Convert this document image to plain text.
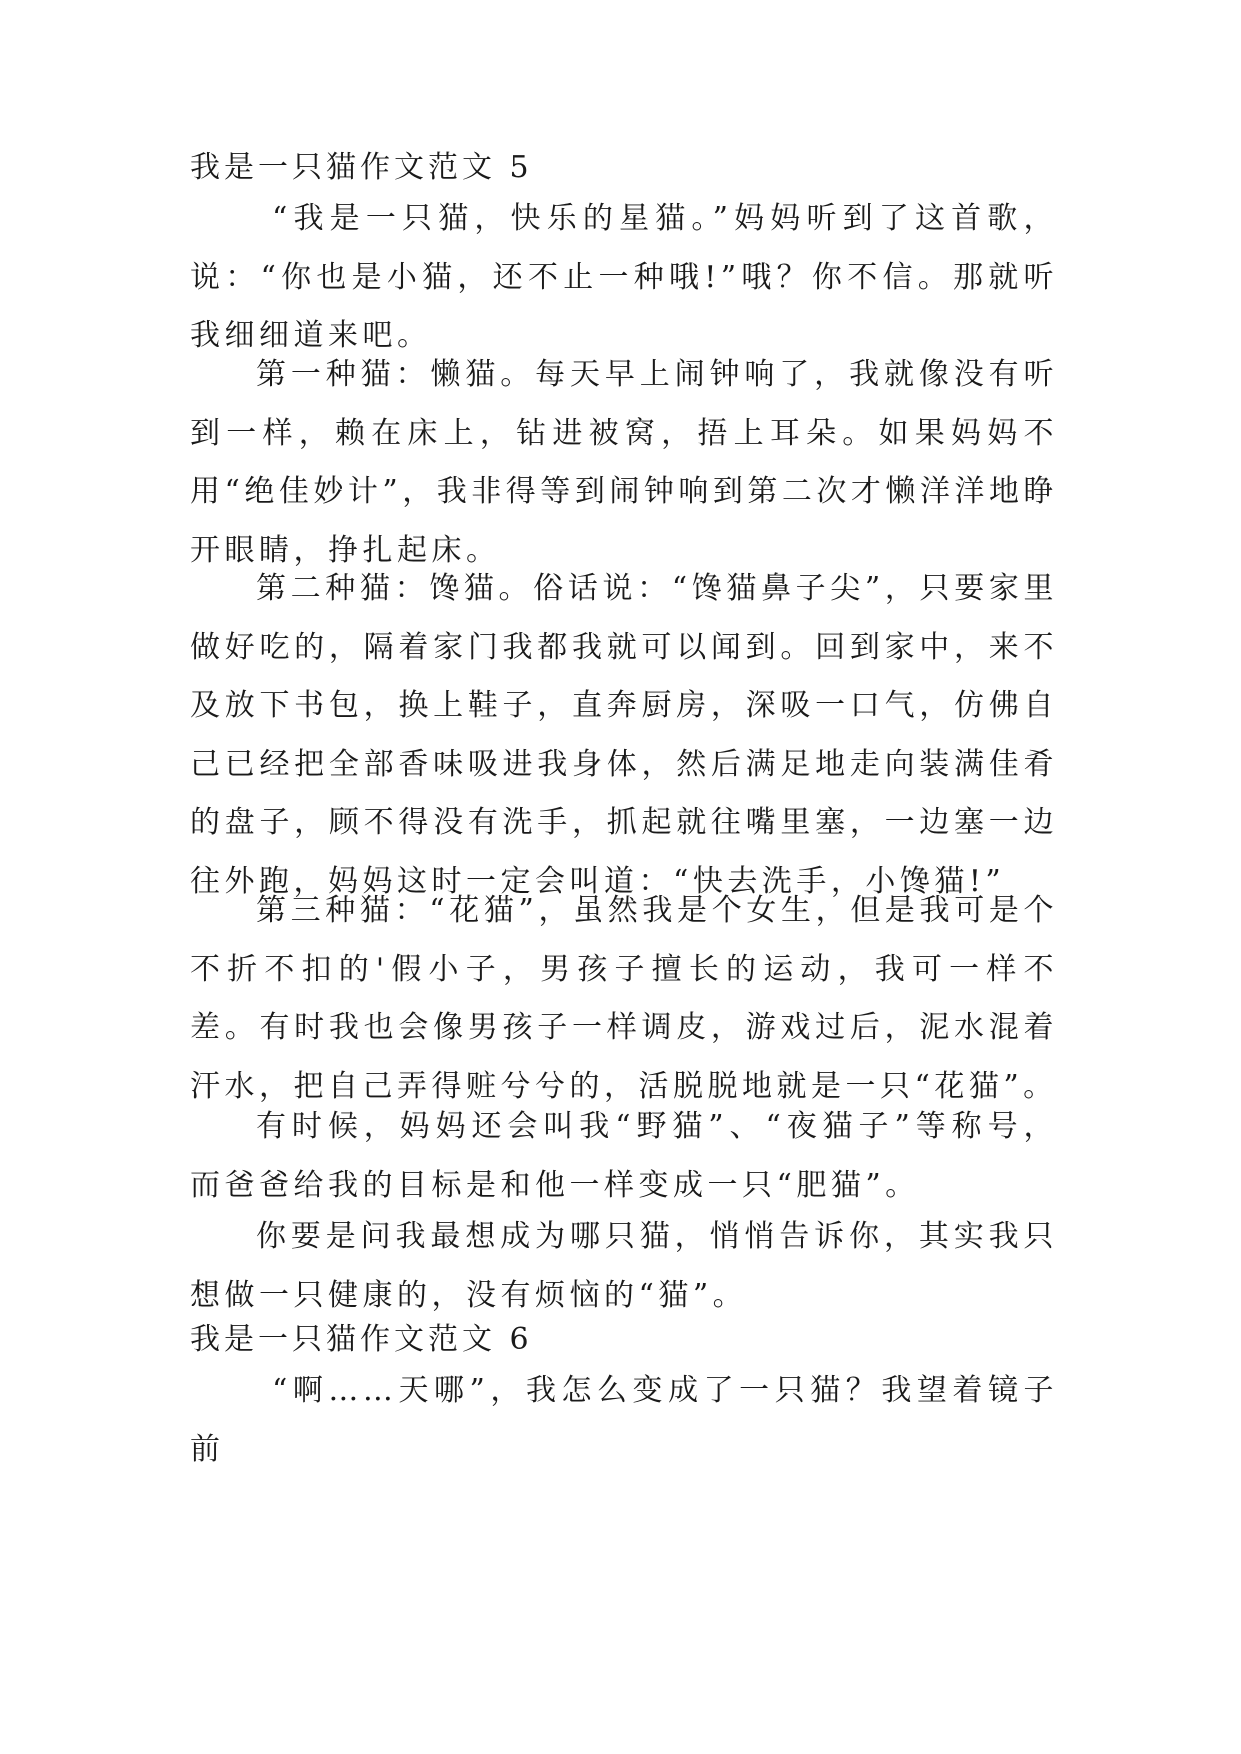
我是一只猫作文范文 5

“我是一只猫，快乐的星猫。”妈妈听到了这首歌，说：“你也是小猫，还不止一种哦!”哦？你不信。那就听我细细道来吧。

第一种猫：懒猫。每天早上闹钟响了，我就像没有听到一样，赖在床上，钻进被窝，捂上耳朵。如果妈妈不用“绝佳妙计”，我非得等到闹钟响到第二次才懒洋洋地睁开眼睛，挣扎起床。

第二种猫：馋猫。俗话说：“馋猫鼻子尖”，只要家里做好吃的，隔着家门我都我就可以闻到。回到家中，来不及放下书包，换上鞋子，直奔厨房，深吸一口气，仿佛自己已经把全部香味吸进我身体，然后满足地走向装满佳肴的盘子，顾不得没有洗手，抓起就往嘴里塞，一边塞一边往外跑，妈妈这时一定会叫道：“快去洗手，小馋猫!”

第三种猫：“花猫”，虽然我是个女生，但是我可是个不折不扣的'假小子，男孩子擅长的运动，我可一样不差。有时我也会像男孩子一样调皮，游戏过后，泥水混着汗水，把自己弄得赃兮兮的，活脱脱地就是一只“花猫”。

有时候，妈妈还会叫我“野猫”、“夜猫子”等称号，而爸爸给我的目标是和他一样变成一只“肥猫”。

你要是问我最想成为哪只猫，悄悄告诉你，其实我只想做一只健康的，没有烦恼的“猫”。

我是一只猫作文范文 6

“啊……天哪”，我怎么变成了一只猫？我望着镜子前
